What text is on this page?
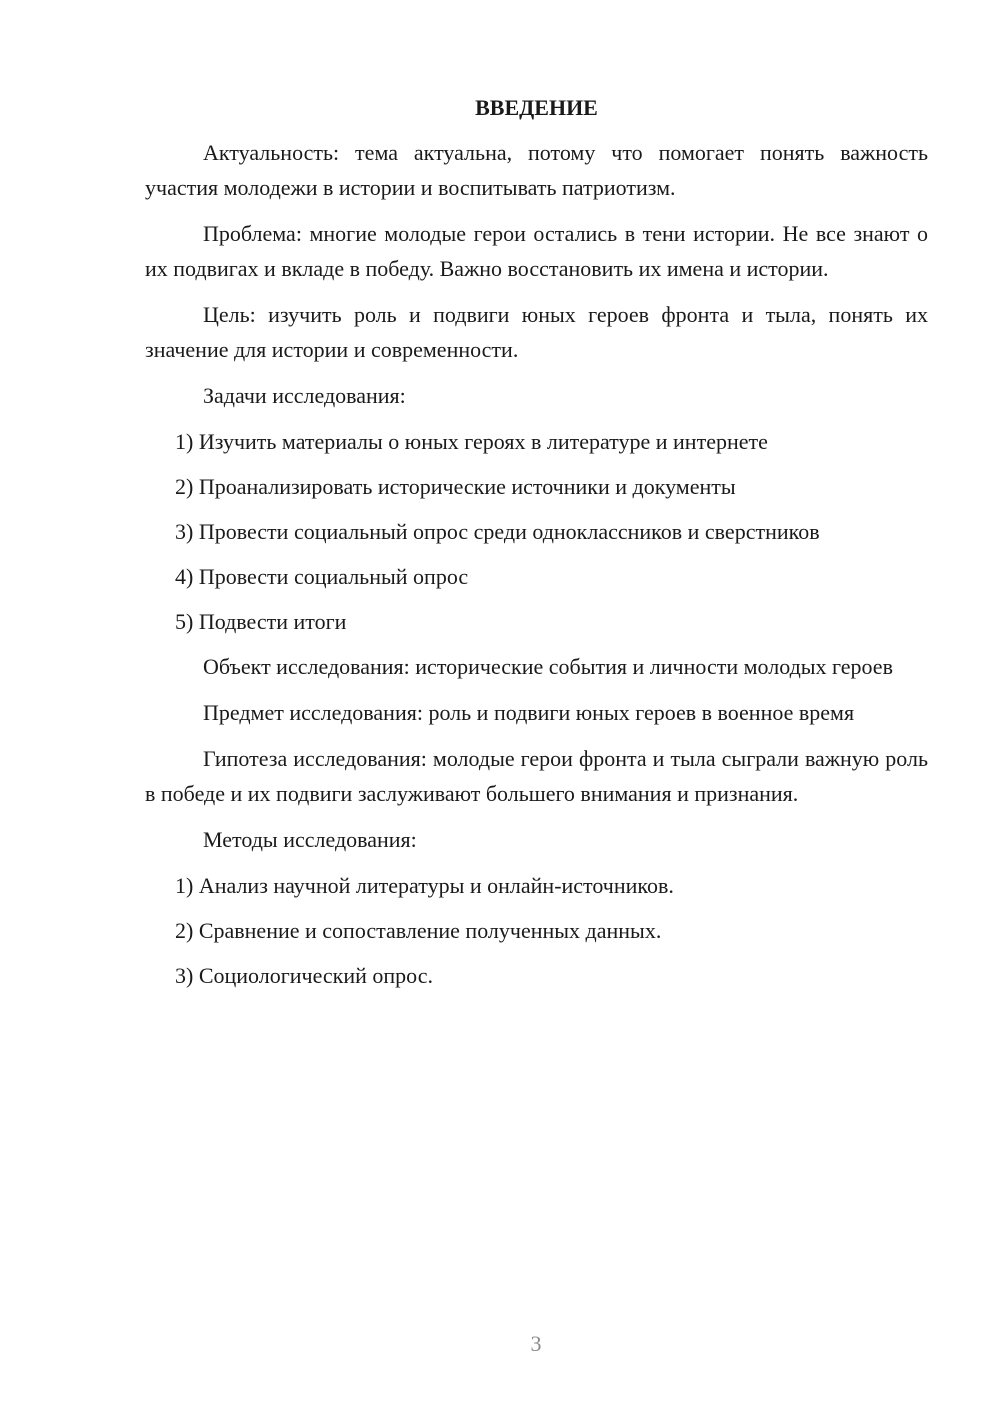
ВВЕДЕНИЕ

Актуальность: тема актуальна, потому что помогает понять важность участия молодежи в истории и воспитывать патриотизм.

Проблема: многие молодые герои остались в тени истории. Не все знают о их подвигах и вкладе в победу. Важно восстановить их имена и истории.

Цель: изучить роль и подвиги юных героев фронта и тыла, понять их значение для истории и современности.

Задачи исследования:

1) Изучить материалы о юных героях в литературе и интернете
2) Проанализировать исторические источники и документы
3) Провести социальный опрос среди одноклассников и сверстников
4) Провести социальный опрос
5) Подвести итоги

Объект исследования: исторические события и личности молодых героев

Предмет исследования: роль и подвиги юных героев в военное время

Гипотеза исследования: молодые герои фронта и тыла сыграли важную роль в победе и их подвиги заслуживают большего внимания и признания.

Методы исследования:

1) Анализ научной литературы и онлайн-источников.
2) Сравнение и сопоставление полученных данных.
3) Социологический опрос.
3
